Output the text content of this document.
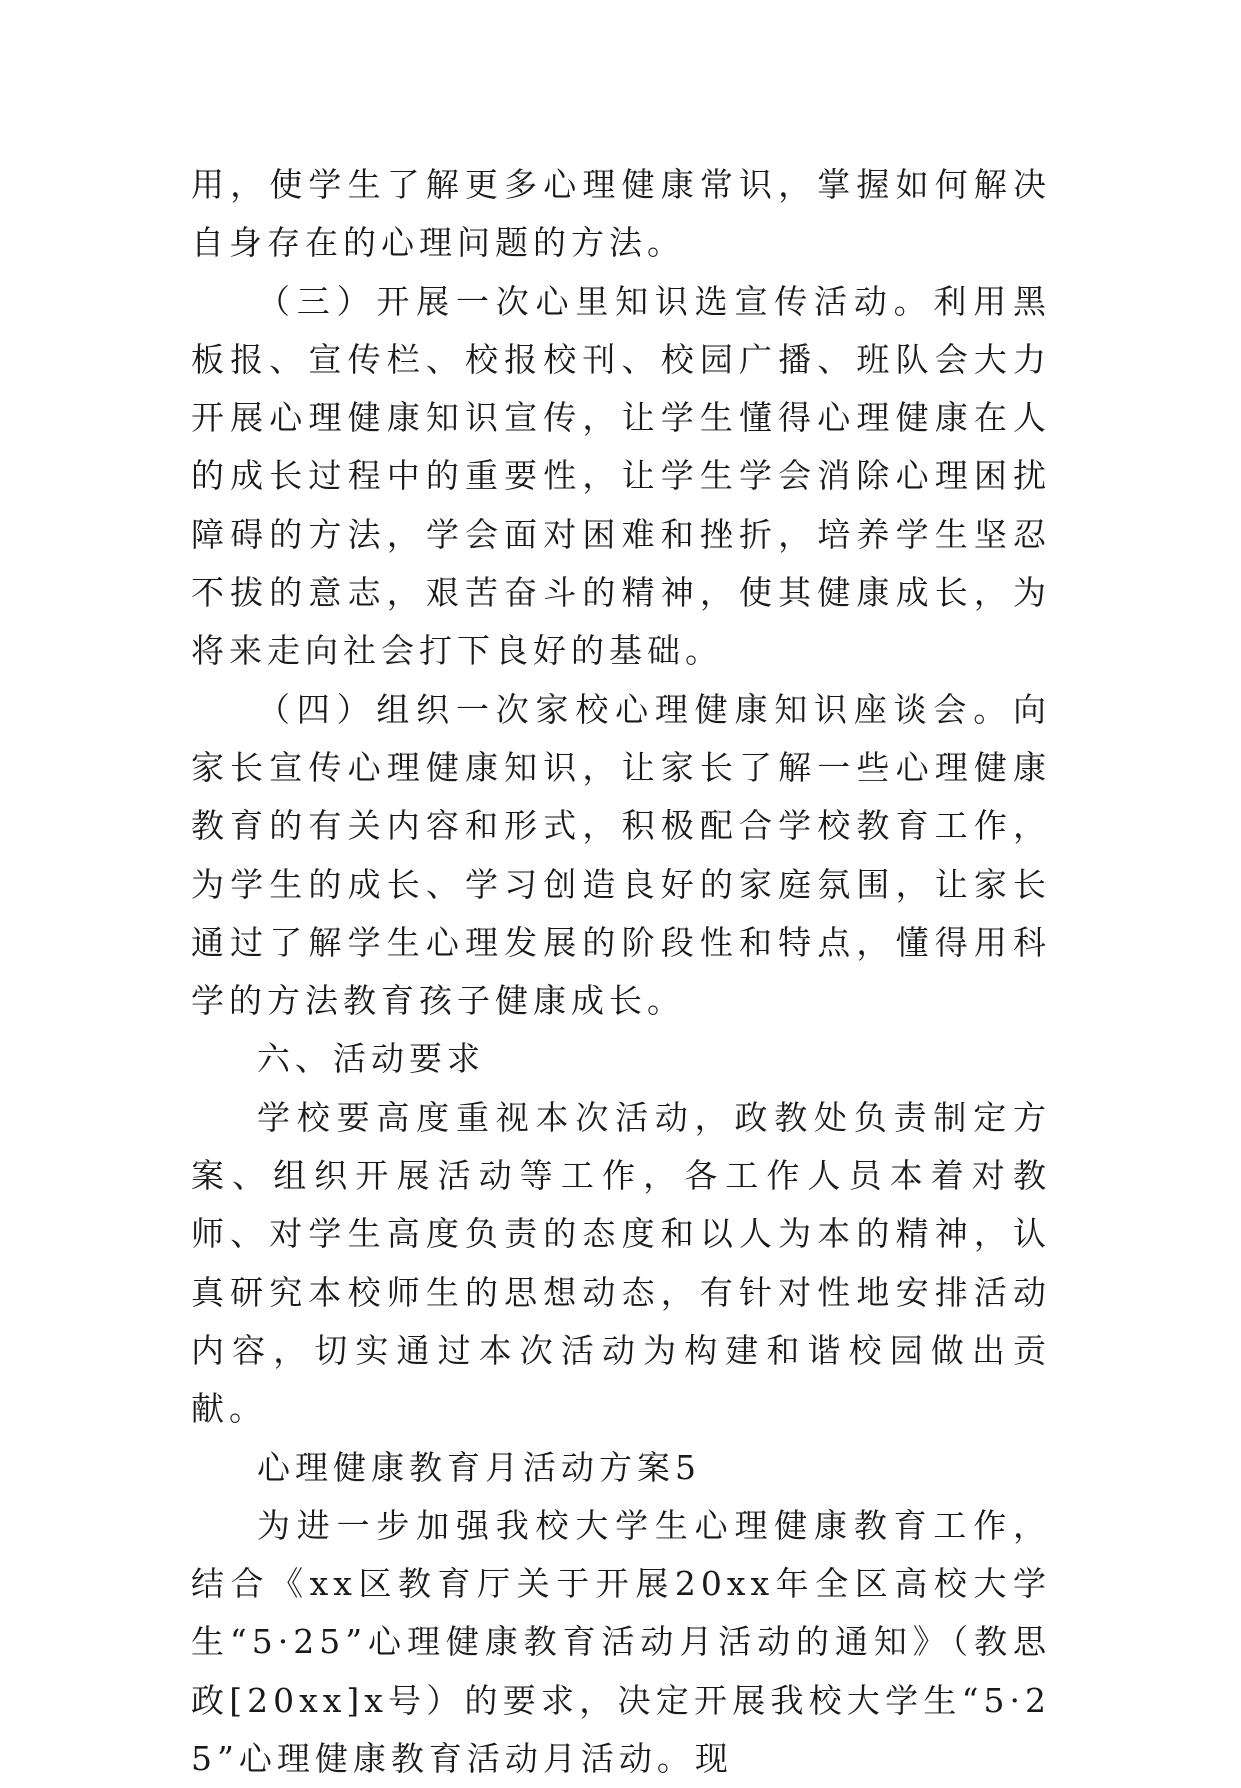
用，使学生了解更多心理健康常识，掌握如何解决自身存在的心理问题的方法。

（三）开展一次心里知识选宣传活动。利用黑板报、宣传栏、校报校刊、校园广播、班队会大力开展心理健康知识宣传，让学生懂得心理健康在人的成长过程中的重要性，让学生学会消除心理困扰障碍的方法，学会面对困难和挫折，培养学生坚忍不拔的意志，艰苦奋斗的精神，使其健康成长，为将来走向社会打下良好的基础。

（四）组织一次家校心理健康知识座谈会。向家长宣传心理健康知识，让家长了解一些心理健康教育的有关内容和形式，积极配合学校教育工作，为学生的成长、学习创造良好的家庭氛围，让家长通过了解学生心理发展的阶段性和特点，懂得用科学的方法教育孩子健康成长。

六、活动要求

学校要高度重视本次活动，政教处负责制定方案、组织开展活动等工作，各工作人员本着对教师、对学生高度负责的态度和以人为本的精神，认真研究本校师生的思想动态，有针对性地安排活动内容，切实通过本次活动为构建和谐校园做出贡献。

心理健康教育月活动方案5

为进一步加强我校大学生心理健康教育工作，结合《xx区教育厅关于开展20xx年全区高校大学生“5·25”心理健康教育活动月活动的通知》（教思政[20xx]x号）的要求，决定开展我校大学生“5·25”心理健康教育活动月活动。现
